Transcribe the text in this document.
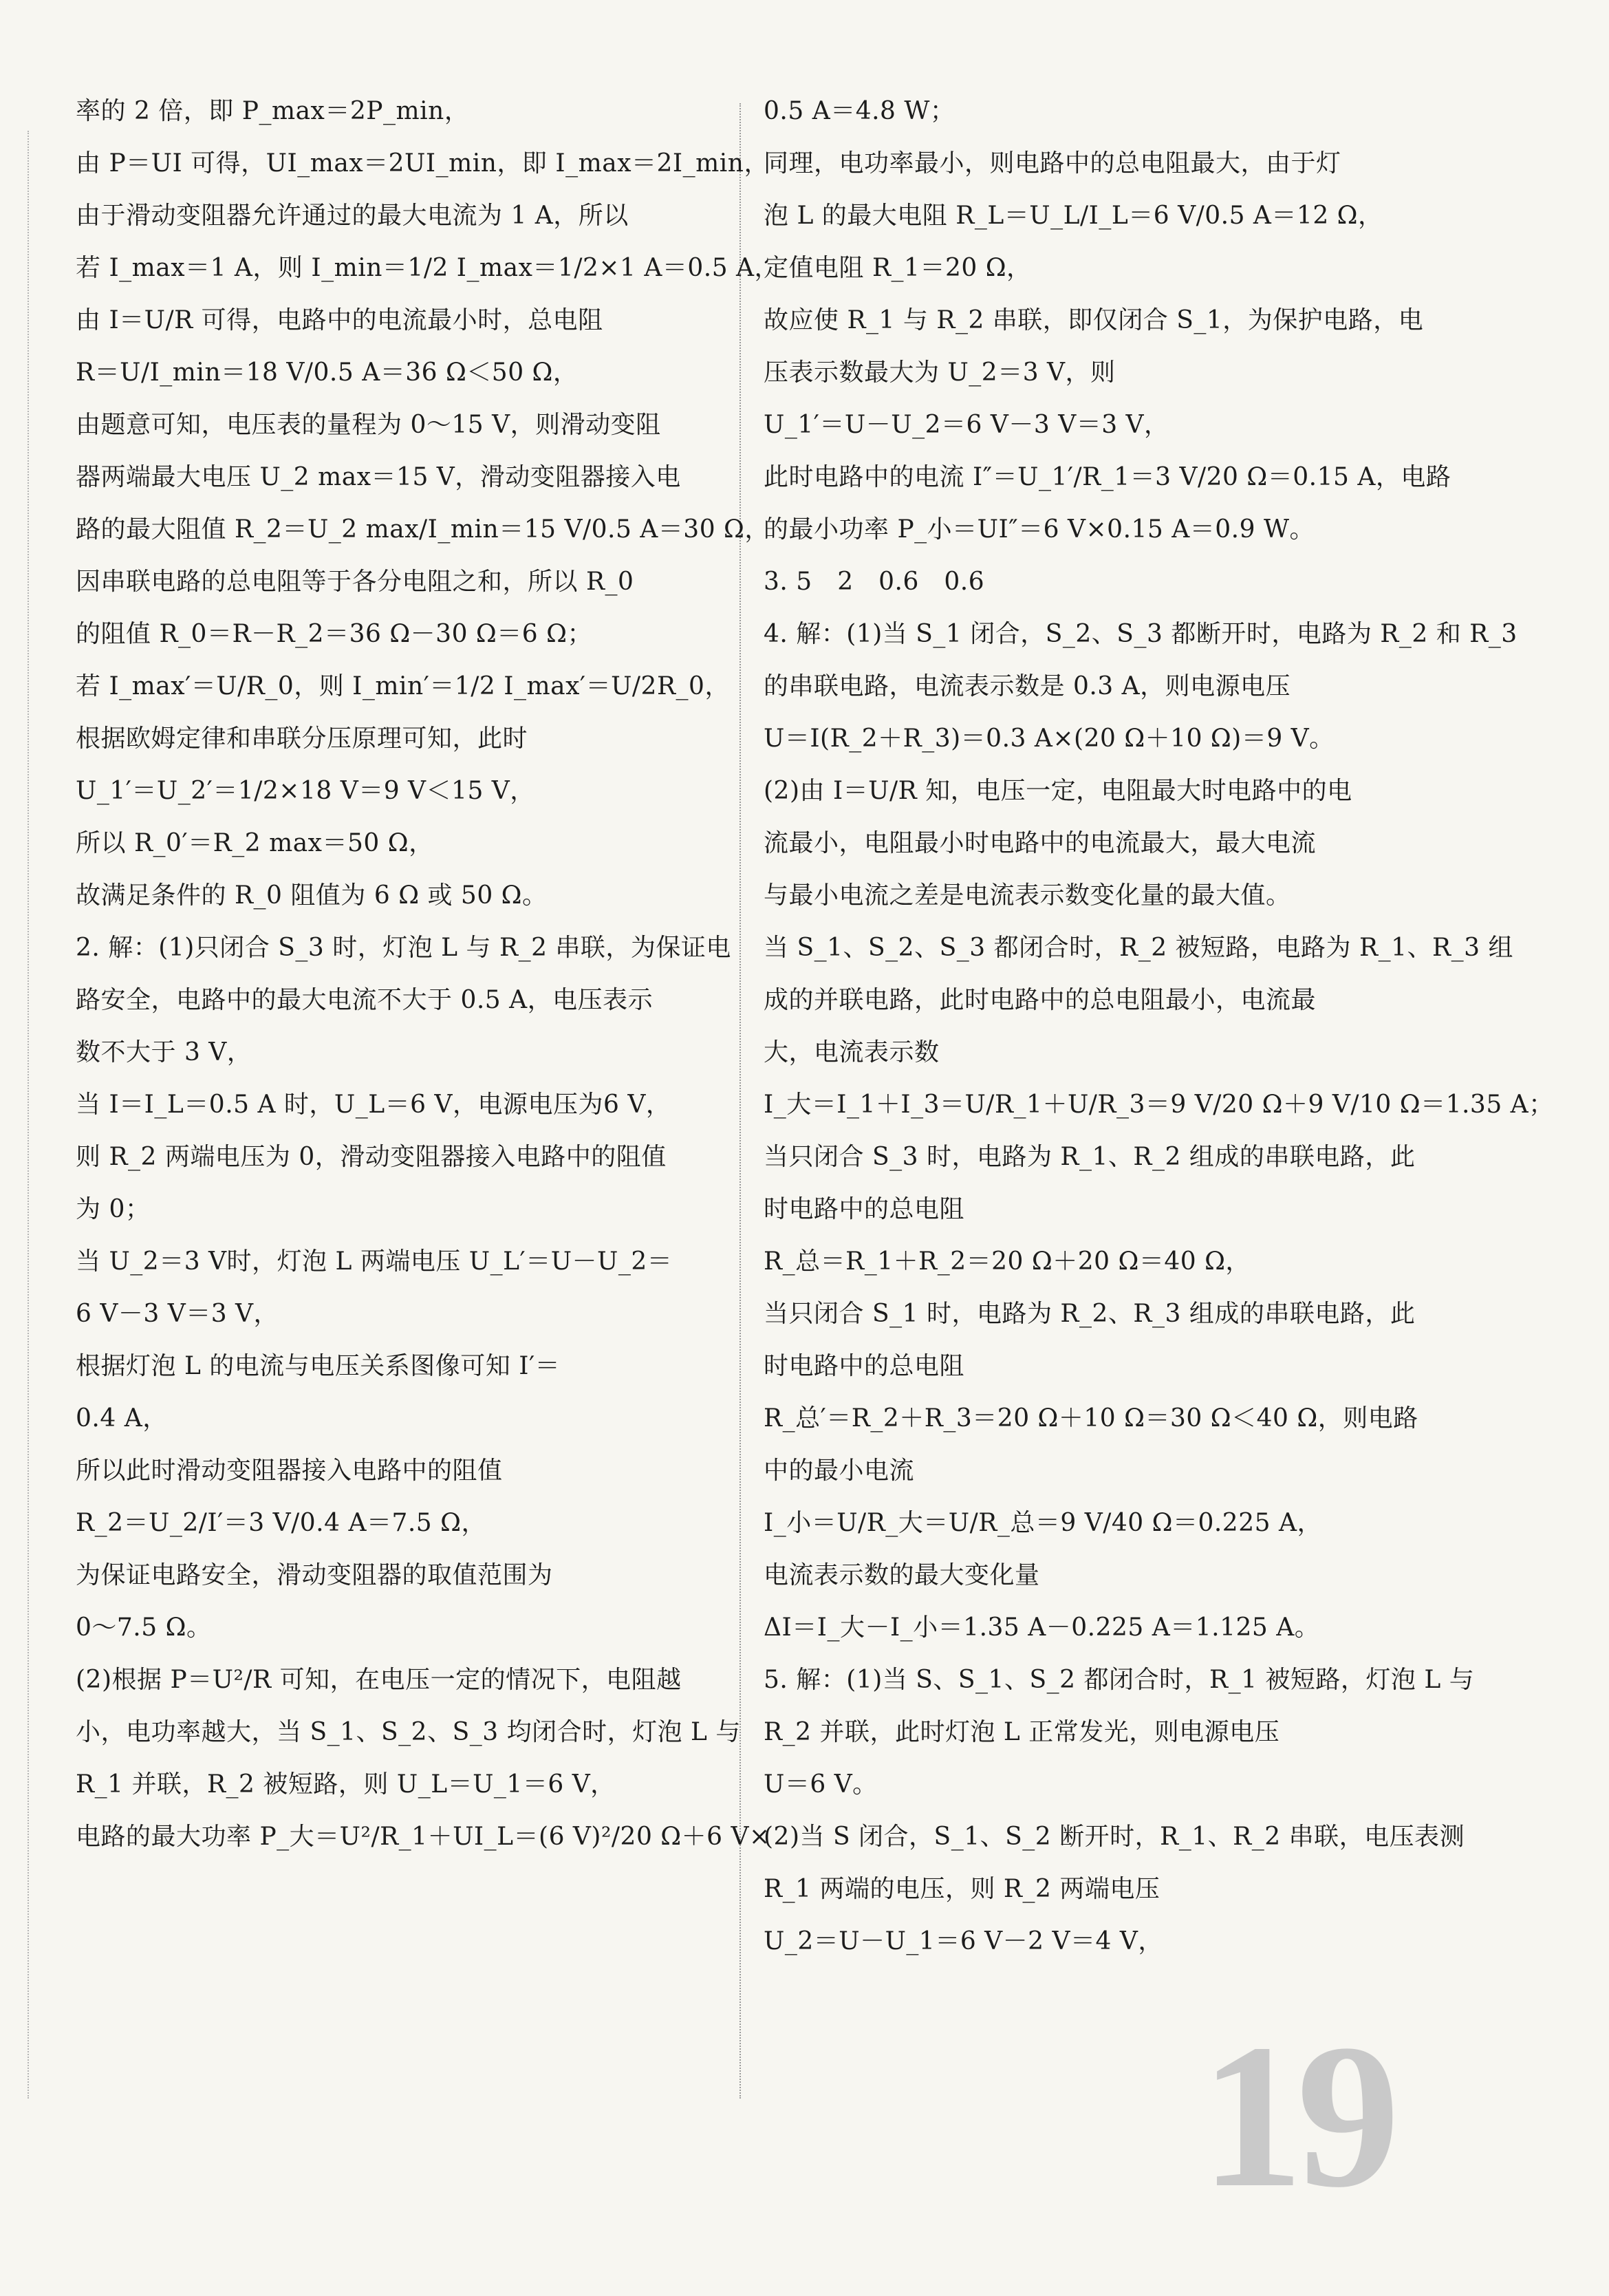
率的 2 倍，即 P_max＝2P_min，
由 P＝UI 可得，UI_max＝2UI_min，即 I_max＝2I_min，
由于滑动变阻器允许通过的最大电流为 1 A，所以
若 I_max＝1 A，则 I_min＝1/2 I_max＝1/2×1 A＝0.5 A，
由 I＝U/R 可得，电路中的电流最小时，总电阻
R＝U/I_min＝18 V/0.5 A＝36 Ω＜50 Ω，
由题意可知，电压表的量程为 0～15 V，则滑动变阻
器两端最大电压 U_2 max＝15 V，滑动变阻器接入电
路的最大阻值 R_2＝U_2 max/I_min＝15 V/0.5 A＝30 Ω，
因串联电路的总电阻等于各分电阻之和，所以 R_0
的阻值 R_0＝R－R_2＝36 Ω－30 Ω＝6 Ω；
若 I_max′＝U/R_0，则 I_min′＝1/2 I_max′＝U/2R_0，
根据欧姆定律和串联分压原理可知，此时
U_1′＝U_2′＝1/2×18 V＝9 V＜15 V，
所以 R_0′＝R_2 max＝50 Ω，
故满足条件的 R_0 阻值为 6 Ω 或 50 Ω。
2. 解：(1)只闭合 S_3 时，灯泡 L 与 R_2 串联，为保证电
路安全，电路中的最大电流不大于 0.5 A，电压表示
数不大于 3 V，
当 I＝I_L＝0.5 A 时，U_L＝6 V，电源电压为6 V，
则 R_2 两端电压为 0，滑动变阻器接入电路中的阻值
为 0；
当 U_2＝3 V时，灯泡 L 两端电压 U_L′＝U－U_2＝
6 V－3 V＝3 V，
根据灯泡 L 的电流与电压关系图像可知 I′＝
0.4 A，
所以此时滑动变阻器接入电路中的阻值
R_2＝U_2/I′＝3 V/0.4 A＝7.5 Ω，
为保证电路安全，滑动变阻器的取值范围为
0～7.5 Ω。
(2)根据 P＝U²/R 可知，在电压一定的情况下，电阻越
小，电功率越大，当 S_1、S_2、S_3 均闭合时，灯泡 L 与
R_1 并联，R_2 被短路，则 U_L＝U_1＝6 V，
电路的最大功率 P_大＝U²/R_1＋UI_L＝(6 V)²/20 Ω＋6 V×
0.5 A＝4.8 W；
同理，电功率最小，则电路中的总电阻最大，由于灯
泡 L 的最大电阻 R_L＝U_L/I_L＝6 V/0.5 A＝12 Ω，
定值电阻 R_1＝20 Ω，
故应使 R_1 与 R_2 串联，即仅闭合 S_1，为保护电路，电
压表示数最大为 U_2＝3 V，则
U_1′＝U－U_2＝6 V－3 V＝3 V，
此时电路中的电流 I″＝U_1′/R_1＝3 V/20 Ω＝0.15 A，电路
的最小功率 P_小＝UI″＝6 V×0.15 A＝0.9 W。
3. 5　2　0.6　0.6
4. 解：(1)当 S_1 闭合，S_2、S_3 都断开时，电路为 R_2 和 R_3
的串联电路，电流表示数是 0.3 A，则电源电压
U＝I(R_2＋R_3)＝0.3 A×(20 Ω＋10 Ω)＝9 V。
(2)由 I＝U/R 知，电压一定，电阻最大时电路中的电
流最小，电阻最小时电路中的电流最大，最大电流
与最小电流之差是电流表示数变化量的最大值。
当 S_1、S_2、S_3 都闭合时，R_2 被短路，电路为 R_1、R_3 组
成的并联电路，此时电路中的总电阻最小，电流最
大，电流表示数
I_大＝I_1＋I_3＝U/R_1＋U/R_3＝9 V/20 Ω＋9 V/10 Ω＝1.35 A；
当只闭合 S_3 时，电路为 R_1、R_2 组成的串联电路，此
时电路中的总电阻
R_总＝R_1＋R_2＝20 Ω＋20 Ω＝40 Ω，
当只闭合 S_1 时，电路为 R_2、R_3 组成的串联电路，此
时电路中的总电阻
R_总′＝R_2＋R_3＝20 Ω＋10 Ω＝30 Ω＜40 Ω，则电路
中的最小电流
I_小＝U/R_大＝U/R_总＝9 V/40 Ω＝0.225 A，
电流表示数的最大变化量
ΔI＝I_大－I_小＝1.35 A－0.225 A＝1.125 A。
5. 解：(1)当 S、S_1、S_2 都闭合时，R_1 被短路，灯泡 L 与
R_2 并联，此时灯泡 L 正常发光，则电源电压
U＝6 V。
(2)当 S 闭合，S_1、S_2 断开时，R_1、R_2 串联，电压表测
R_1 两端的电压，则 R_2 两端电压
U_2＝U－U_1＝6 V－2 V＝4 V，
19
